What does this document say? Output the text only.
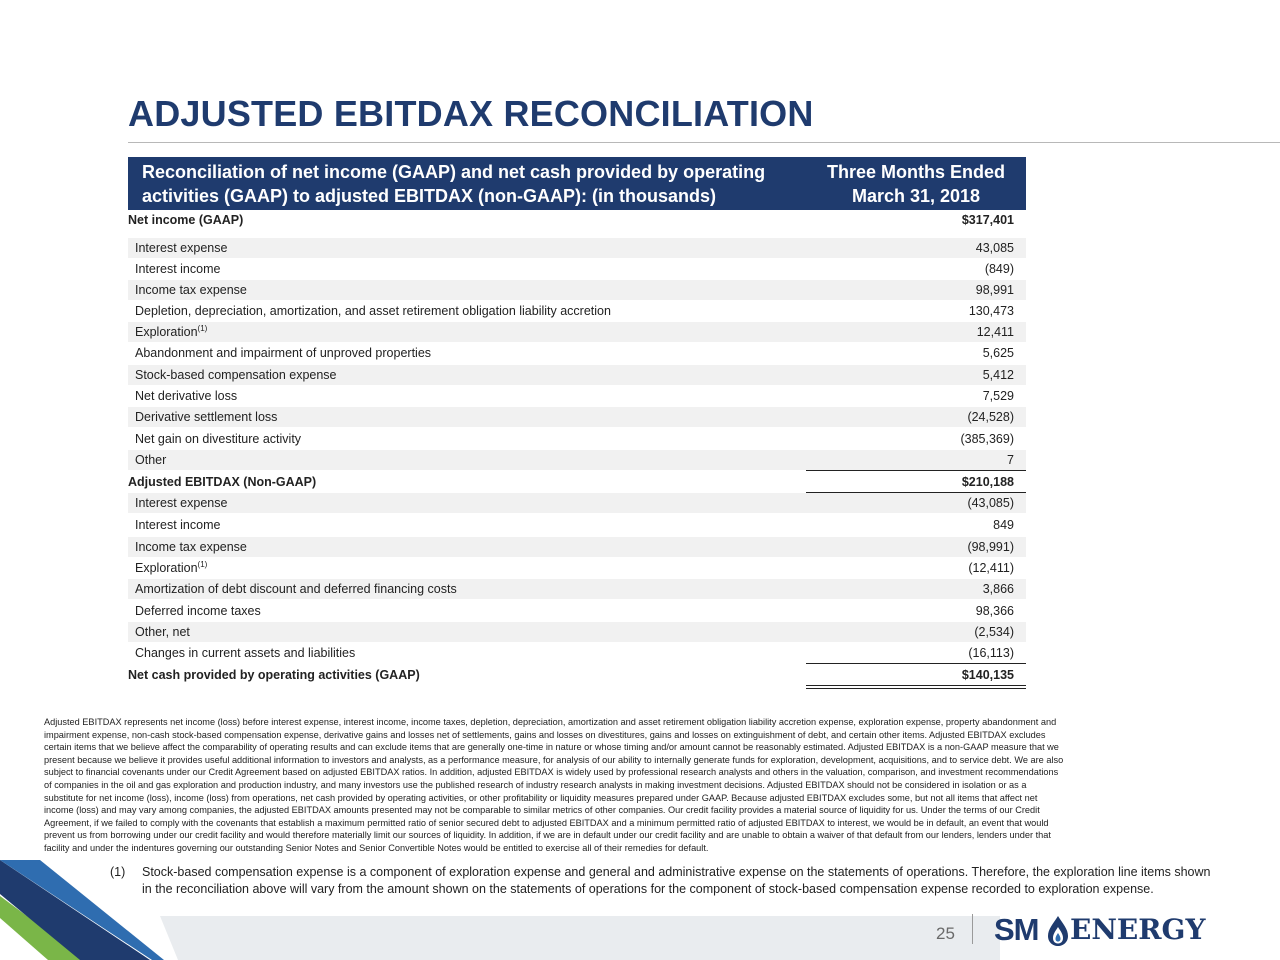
ADJUSTED EBITDAX RECONCILIATION
Reconciliation of net income (GAAP) and net cash provided by operating
activities (GAAP) to adjusted EBITDAX (non-GAAP): (in thousands)
Three Months Ended
March 31, 2018
Net income (GAAP)	$317,401
Interest expense	43,085
Interest income	(849)
Income tax expense	98,991
Depletion, depreciation, amortization, and asset retirement obligation liability accretion	130,473
Exploration$^{(1)}$	12,411
Abandonment and impairment of unproved properties	5,625
Stock-based compensation expense	5,412
Net derivative loss	7,529
Derivative settlement loss	(24,528)
Net gain on divestiture activity	(385,369)
Other	7
Adjusted EBITDAX (Non-GAAP)	$210,188
Interest expense	(43,085)
Interest income	849
Income tax expense	(98,991)
Exploration$^{(1)}$	(12,411)
Amortization of debt discount and deferred financing costs	3,866
Deferred income taxes	98,366
Other, net	(2,534)
Changes in current assets and liabilities	(16,113)
Net cash provided by operating activities (GAAP)	$140,135

Adjusted EBITDAX represents net income (loss) before interest expense, interest income, income taxes, depletion, depreciation, amortization and asset retirement obligation liability accretion expense, exploration expense, property abandonment and

impairment expense, non-cash stock-based compensation expense, derivative gains and losses net of settlements, gains and losses on divestitures, gains and losses on extinguishment of debt, and certain other items. Adjusted EBITDAX excludes

certain items that we believe affect the comparability of operating results and can exclude items that are generally one-time in nature or whose timing and/or amount cannot be reasonably estimated. Adjusted EBITDAX is a non-GAAP measure that we

present because we believe it provides useful additional information to investors and analysts, as a performance measure, for analysis of our ability to internally generate funds for exploration, development, acquisitions, and to service debt. We are also

subject to financial covenants under our Credit Agreement based on adjusted EBITDAX ratios. In addition, adjusted EBITDAX is widely used by professional research analysts and others in the valuation, comparison, and investment recommendations

of companies in the oil and gas exploration and production industry, and many investors use the published research of industry research analysts in making investment decisions. Adjusted EBITDAX should not be considered in isolation or as a

substitute for net income (loss), income (loss) from operations, net cash provided by operating activities, or other profitability or liquidity measures prepared under GAAP. Because adjusted EBITDAX excludes some, but not all items that affect net

income (loss) and may vary among companies, the adjusted EBITDAX amounts presented may not be comparable to similar metrics of other companies. Our credit facility provides a material source of liquidity for us. Under the terms of our Credit

Agreement, if we failed to comply with the covenants that establish a maximum permitted ratio of senior secured debt to adjusted EBITDAX and a minimum permitted ratio of adjusted EBITDAX to interest, we would be in default, an event that would

prevent us from borrowing under our credit facility and would therefore materially limit our sources of liquidity. In addition, if we are in default under our credit facility and are unable to obtain a waiver of that default from our lenders, lenders under that

facility and under the indentures governing our outstanding Senior Notes and Senior Convertible Notes would be entitled to exercise all of their remedies for default.

(1) Stock-based compensation expense is a component of exploration expense and general and administrative expense on the statements of operations. Therefore, the exploration line items shown
in the reconciliation above will vary from the amount shown on the statements of operations for the component of stock-based compensation expense recorded to exploration expense.
25 SM ENERGY
